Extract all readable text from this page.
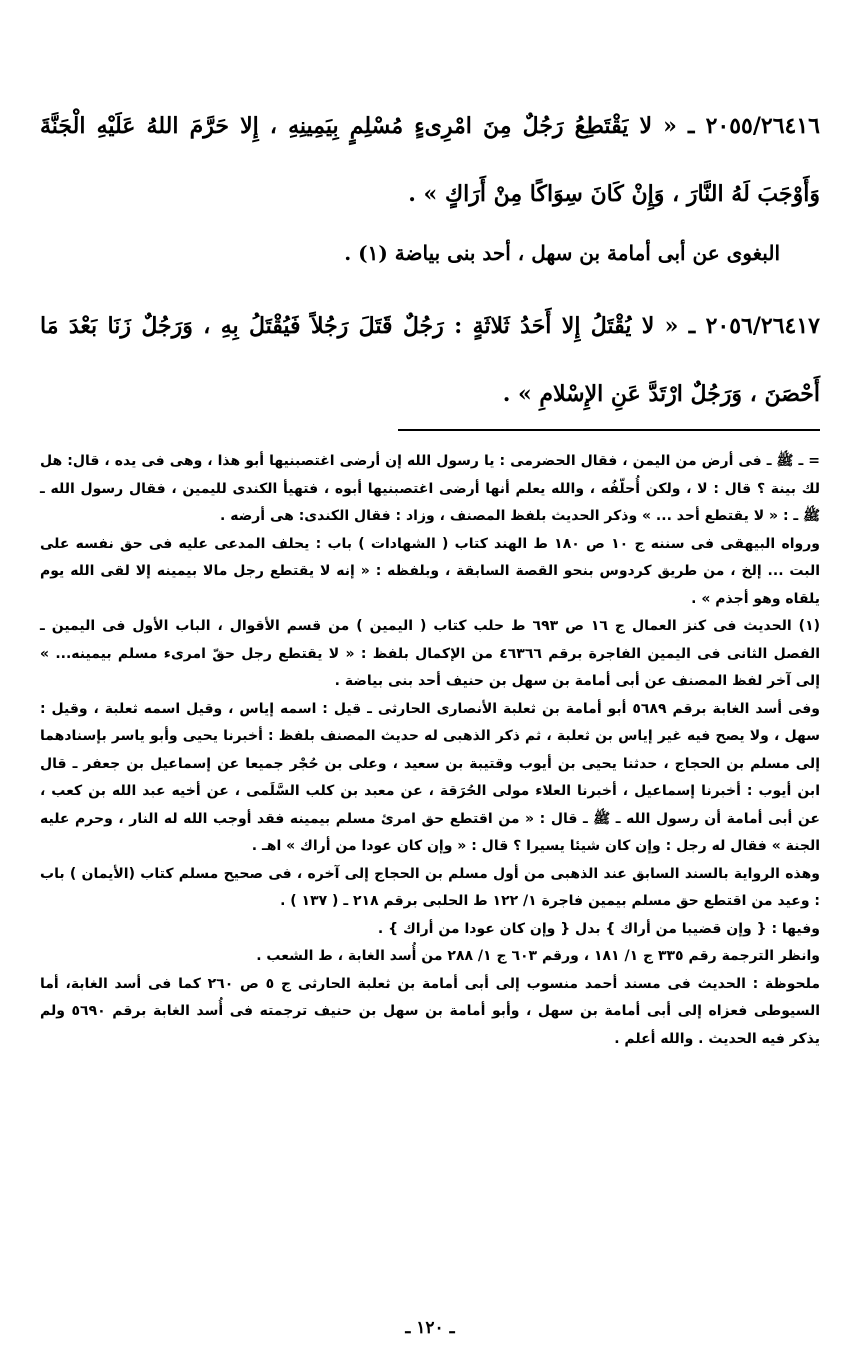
٢٠٥٥/٢٦٤١٦ ـ « لا يَقْتَطِعُ رَجُلٌ مِنَ امْرِىءٍ مُسْلِمٍ بِيَمِينِهِ ، إِلا حَرَّمَ اللهُ عَلَيْهِ الْجَنَّةَ وَأَوْجَبَ لَهُ النَّارَ ، وَإِنْ كَانَ سِوَاكًا مِنْ أَرَاكٍ » .

البغوى عن أبى أمامة بن سهل ، أحد بنى بياضة (١) .

٢٠٥٦/٢٦٤١٧ ـ « لا يُقْتَلُ إِلا أَحَدُ ثَلاثَةٍ : رَجُلٌ قَتَلَ رَجُلاً فَيُقْتَلُ بِهِ ، وَرَجُلٌ زَنَا بَعْدَ مَا أَحْصَنَ ، وَرَجُلٌ ارْتَدَّ عَنِ الإِسْلامِ » .

= ـ ﷺ ـ فى أرض من اليمن ، فقال الحضرمى : يا رسول الله إن أرضى اغتصبنيها أبو هذا ، وهى فى يده ، قال: هل لك بينة ؟ قال : لا ، ولكن أُحلّفُه ، والله يعلم أنها أرضى اغتصبنيها أبوه ، فتهيأ الكندى لليمين ، فقال رسول الله ـ ﷺ ـ : « لا يقتطع أحد ... » وذكر الحديث بلفظ المصنف ، وزاد : فقال الكندى: هى أرضه .

ورواه البيهقى فى سننه ج ١٠ ص ١٨٠ ط الهند كتاب ( الشهادات ) باب : يحلف المدعى عليه فى حق نفسه على البت ... إلخ ، من طريق كردوس بنحو القصة السابقة ، وبلفظه : « إنه لا يقتطع رجل مالا بيمينه إلا لقى الله يوم يلقاه وهو أجذم » .

(١) الحديث فى كنز العمال ج ١٦ ص ٦٩٣ ط حلب كتاب ( اليمين ) من قسم الأقوال ، الباب الأول فى اليمين ـ الفصل الثانى فى اليمين الفاجرة برقم ٤٦٣٦٦ من الإكمال بلفظ : « لا يقتطع رجل حقّ امرىء مسلم بيمينه... » إلى آخر لفظ المصنف عن أبى أمامة بن سهل بن حنيف أحد بنى بياضة .

وفى أسد الغابة برقم ٥٦٨٩ أبو أمامة بن ثعلبة الأنصارى الحارثى ـ قيل : اسمه إياس ، وقيل اسمه ثعلبة ، وقيل : سهل ، ولا يصح فيه غير إياس بن ثعلبة ، ثم ذكر الذهبى له حديث المصنف بلفظ : أخبرنا يحيى وأبو ياسر بإسنادهما إلى مسلم بن الحجاج ، حدثنا يحيى بن أيوب وقتيبة بن سعيد ، وعلى بن حُجْر جميعا عن إسماعيل بن جعفر ـ قال ابن أيوب : أخبرنا إسماعيل ، أخبرنا العلاء مولى الحُرَقة ، عن معبد بن كلب السَّلَمى ، عن أخيه عبد الله بن كعب ، عن أبى أمامة أن رسول الله ـ ﷺ ـ قال : « من اقتطع حق امرئ مسلم بيمينه فقد أوجب الله له النار ، وحرم عليه الجنة » فقال له رجل : وإن كان شيئا يسيرا ؟ قال : « وإن كان عودا من أراك » اهـ .

وهذه الرواية بالسند السابق عند الذهبى من أول مسلم بن الحجاج إلى آخره ، فى صحيح مسلم كتاب (الأيمان ) باب : وعيد من اقتطع حق مسلم بيمين فاجرة ١/ ١٢٢ ط الحلبى برقم ٢١٨ ـ ( ١٣٧ ) .

وفيها : { وإن قضيبا من أراك } بدل { وإن كان عودا من أراك } .

وانظر الترجمة رقم ٣٣٥ ج ١/ ١٨١ ، ورقم ٦٠٣ ج ١/ ٢٨٨ من أُسد الغابة ، ط الشعب .

ملحوظة : الحديث فى مسند أحمد منسوب إلى أبى أمامة بن ثعلبة الحارثى ج ٥ ص ٢٦٠ كما فى أسد الغابة، أما السيوطى فعزاه إلى أبى أمامة بن سهل ، وأبو أمامة بن سهل بن حنيف ترجمته فى أُسد الغابة برقم ٥٦٩٠ ولم يذكر فيه الحديث . والله أعلم .

ـ ١٢٠ ـ
